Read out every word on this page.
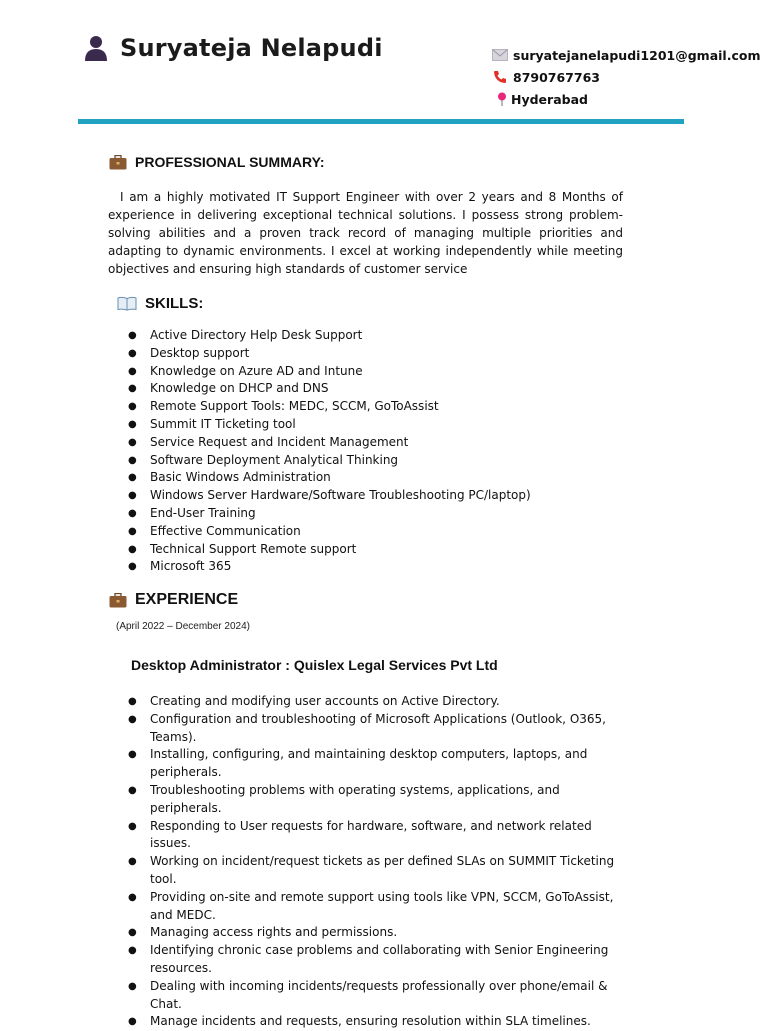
Suryateja Nelapudi	suryatejanelapudi1201@gmail.com
8790767763
Hyderabad
PROFESSIONAL SUMMARY:

I am a highly motivated IT Support Engineer with over 2 years and 8 Months of experience in delivering exceptional technical solutions. I possess strong problem-solving abilities and a proven track record of managing multiple priorities and adapting to dynamic environments. I excel at working independently while meeting objectives and ensuring high standards of customer service

SKILLS:
● Active Directory Help Desk Support
● Desktop support
● Knowledge on Azure AD and Intune
● Knowledge on DHCP and DNS
● Remote Support Tools: MEDC, SCCM, GoToAssist
● Summit IT Ticketing tool
● Service Request and Incident Management
● Software Deployment Analytical Thinking
● Basic Windows Administration
● Windows Server Hardware/Software Troubleshooting PC/laptop)
● End-User Training
● Effective Communication
● Technical Support Remote support
● Microsoft 365
EXPERIENCE
(April 2022 – December 2024)
Desktop Administrator : Quislex Legal Services Pvt Ltd
● Creating and modifying user accounts on Active Directory.
● Configuration and troubleshooting of Microsoft Applications (Outlook, O365, Teams).
● Installing, configuring, and maintaining desktop computers, laptops, and peripherals.
● Troubleshooting problems with operating systems, applications, and peripherals.
● Responding to User requests for hardware, software, and network related issues.
● Working on incident/request tickets as per defined SLAs on SUMMIT Ticketing tool.
● Providing on-site and remote support using tools like VPN, SCCM, GoToAssist, and MEDC.
● Managing access rights and permissions.
● Identifying chronic case problems and collaborating with Senior Engineering resources.
● Dealing with incoming incidents/requests professionally over phone/email & Chat.
● Manage incidents and requests, ensuring resolution within SLA timelines.
